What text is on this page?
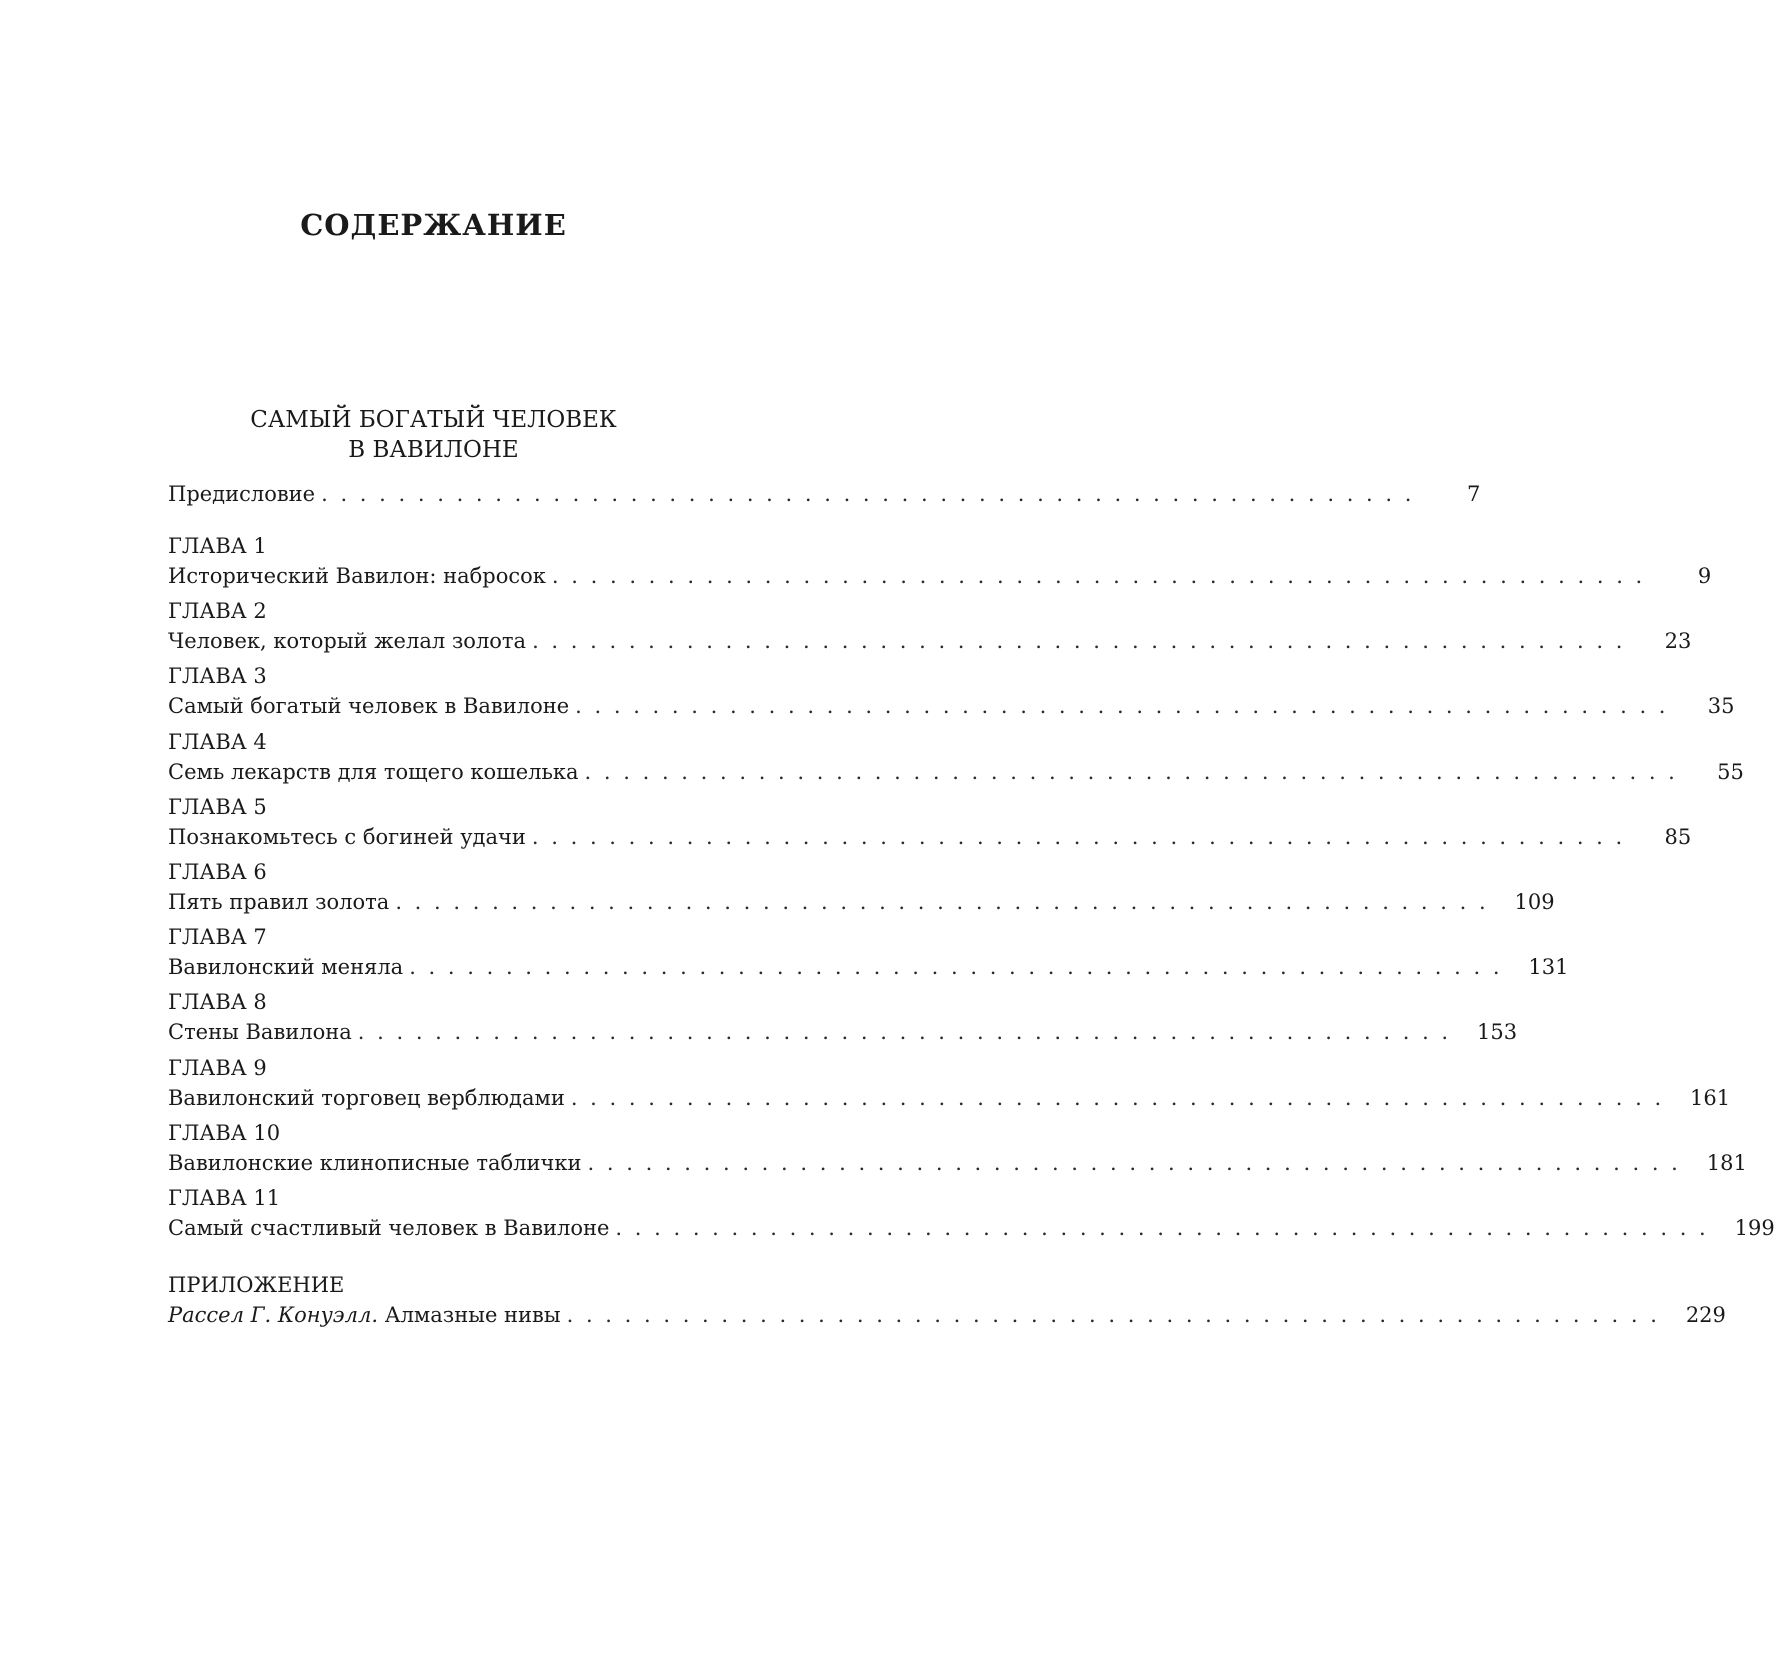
СОДЕРЖАНИЕ
САМЫЙ БОГАТЫЙ ЧЕЛОВЕК
В ВАВИЛОНЕ
Предисловие . . . . . . . . . . . . . . . . . . . . . . . . . . . . . . . . . . . . . . . . . . . . . . . . . . . . . . . . .	7
ГЛАВА 1
Исторический Вавилон: набросок . . . . . . . . . . . . . . . . . . . . . . . . . . . . . . . . . . . . . . . . . . . . . . . . . . . . . . . . .	9
ГЛАВА 2
Человек, который желал золота . . . . . . . . . . . . . . . . . . . . . . . . . . . . . . . . . . . . . . . . . . . . . . . . . . . . . . . . .	23
ГЛАВА 3
Самый богатый человек в Вавилоне . . . . . . . . . . . . . . . . . . . . . . . . . . . . . . . . . . . . . . . . . . . . . . . . . . . . . . . . .	35
ГЛАВА 4
Семь лекарств для тощего кошелька . . . . . . . . . . . . . . . . . . . . . . . . . . . . . . . . . . . . . . . . . . . . . . . . . . . . . . . . .	55
ГЛАВА 5
Познакомьтесь с богиней удачи . . . . . . . . . . . . . . . . . . . . . . . . . . . . . . . . . . . . . . . . . . . . . . . . . . . . . . . . .	85
ГЛАВА 6
Пять правил золота . . . . . . . . . . . . . . . . . . . . . . . . . . . . . . . . . . . . . . . . . . . . . . . . . . . . . . . . .	109
ГЛАВА 7
Вавилонский меняла . . . . . . . . . . . . . . . . . . . . . . . . . . . . . . . . . . . . . . . . . . . . . . . . . . . . . . . . .	131
ГЛАВА 8
Стены Вавилона . . . . . . . . . . . . . . . . . . . . . . . . . . . . . . . . . . . . . . . . . . . . . . . . . . . . . . . . .	153
ГЛАВА 9
Вавилонский торговец верблюдами . . . . . . . . . . . . . . . . . . . . . . . . . . . . . . . . . . . . . . . . . . . . . . . . . . . . . . . . .	161
ГЛАВА 10
Вавилонские клинописные таблички . . . . . . . . . . . . . . . . . . . . . . . . . . . . . . . . . . . . . . . . . . . . . . . . . . . . . . . . .	181
ГЛАВА 11
Самый счастливый человек в Вавилоне . . . . . . . . . . . . . . . . . . . . . . . . . . . . . . . . . . . . . . . . . . . . . . . . . . . . . . . . .	199
ПРИЛОЖЕНИЕ
Рассел Г. Конуэлл. Алмазные нивы . . . . . . . . . . . . . . . . . . . . . . . . . . . . . . . . . . . . . . . . . . . . . . . . . . . . . . . . .	229
